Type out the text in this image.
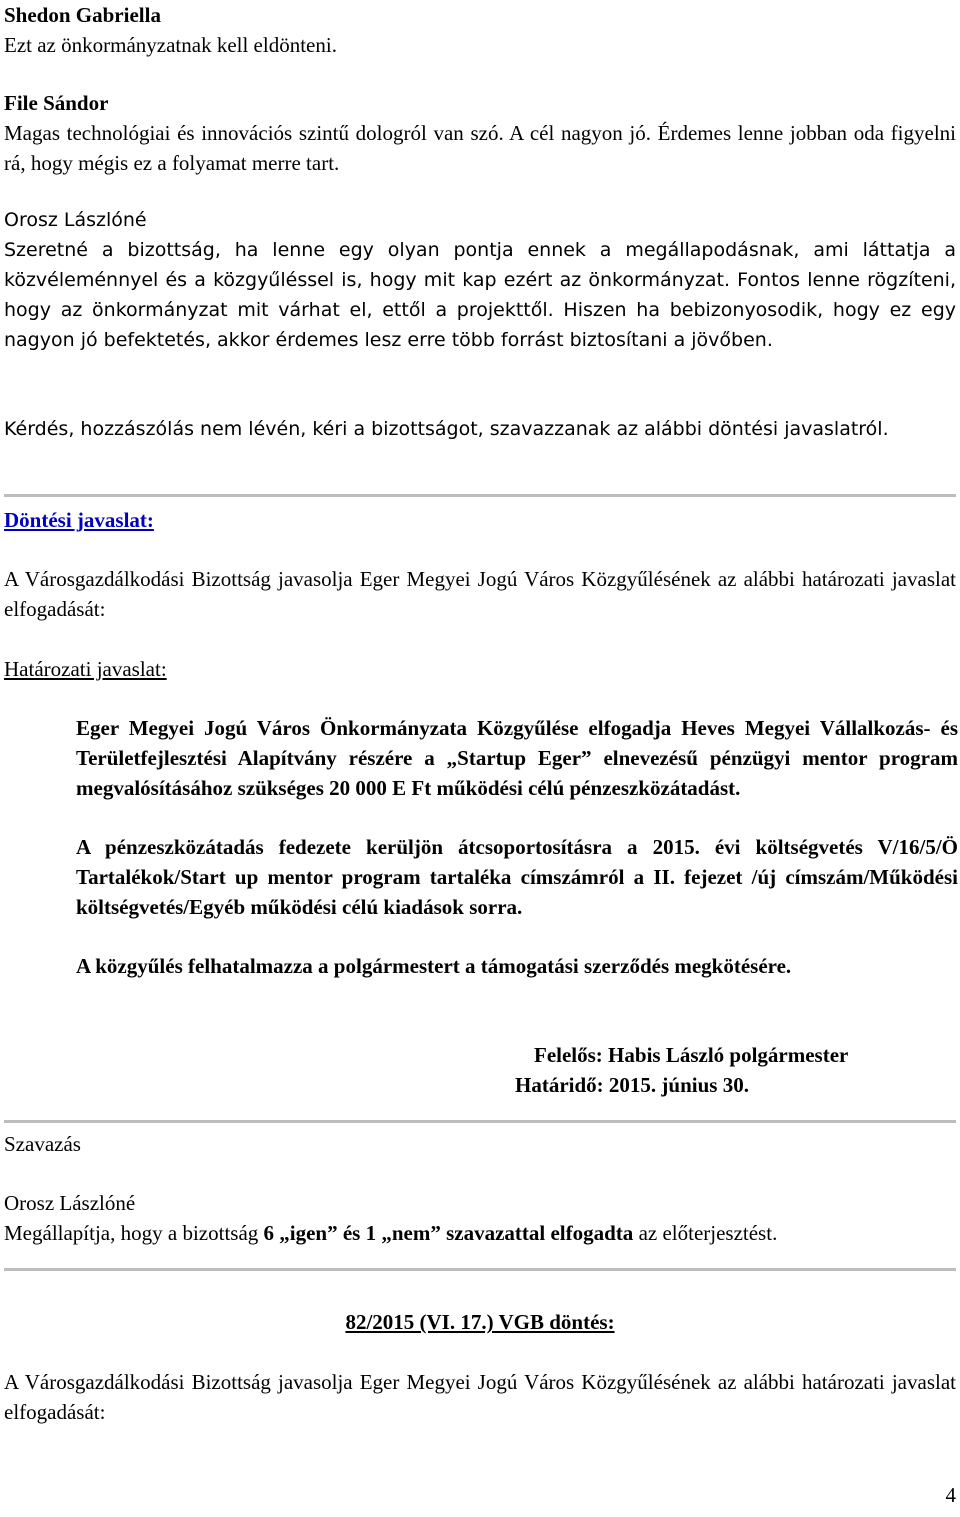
Shedon Gabriella

Ezt az önkormányzatnak kell eldönteni.

File Sándor

Magas technológiai és innovációs szintű dologról van szó. A cél nagyon jó. Érdemes lenne jobban oda figyelni rá, hogy mégis ez a folyamat merre tart.

Orosz Lászlóné

Szeretné a bizottság, ha lenne egy olyan pontja ennek a megállapodásnak, ami láttatja a közvéleménnyel és a közgyűléssel is, hogy mit kap ezért az önkormányzat. Fontos lenne rögzíteni, hogy az önkormányzat mit várhat el, ettől a projekttől. Hiszen ha bebizonyosodik, hogy ez egy nagyon jó befektetés, akkor érdemes lesz erre több forrást biztosítani a jövőben.

Kérdés, hozzászólás nem lévén, kéri a bizottságot, szavazzanak az alábbi döntési javaslatról.
Döntési javaslat:
A Városgazdálkodási Bizottság javasolja Eger Megyei Jogú Város Közgyűlésének az alábbi határozati javaslat elfogadását:
Határozati javaslat:
Eger Megyei Jogú Város Önkormányzata Közgyűlése elfogadja Heves Megyei Vállalkozás- és Területfejlesztési Alapítvány részére a „Startup Eger” elnevezésű pénzügyi mentor program megvalósításához szükséges 20 000 E Ft működési célú pénzeszközátadást.
A pénzeszközátadás fedezete kerüljön átcsoportosításra a 2015. évi költségvetés V/16/5/Ö Tartalékok/Start up mentor program tartaléka címszámról a II. fejezet /új címszám/Működési költségvetés/Egyéb működési célú kiadások sorra.
A közgyűlés felhatalmazza a polgármestert a támogatási szerződés megkötésére.
Felelős: Habis László polgármester
Határidő: 2015. június 30.
Szavazás

Orosz Lászlóné

Megállapítja, hogy a bizottság 6 „igen” és 1 „nem” szavazattal elfogadta az előterjesztést.

82/2015 (VI. 17.) VGB döntés:
A Városgazdálkodási Bizottság javasolja Eger Megyei Jogú Város Közgyűlésének az alábbi határozati javaslat elfogadását:
4
